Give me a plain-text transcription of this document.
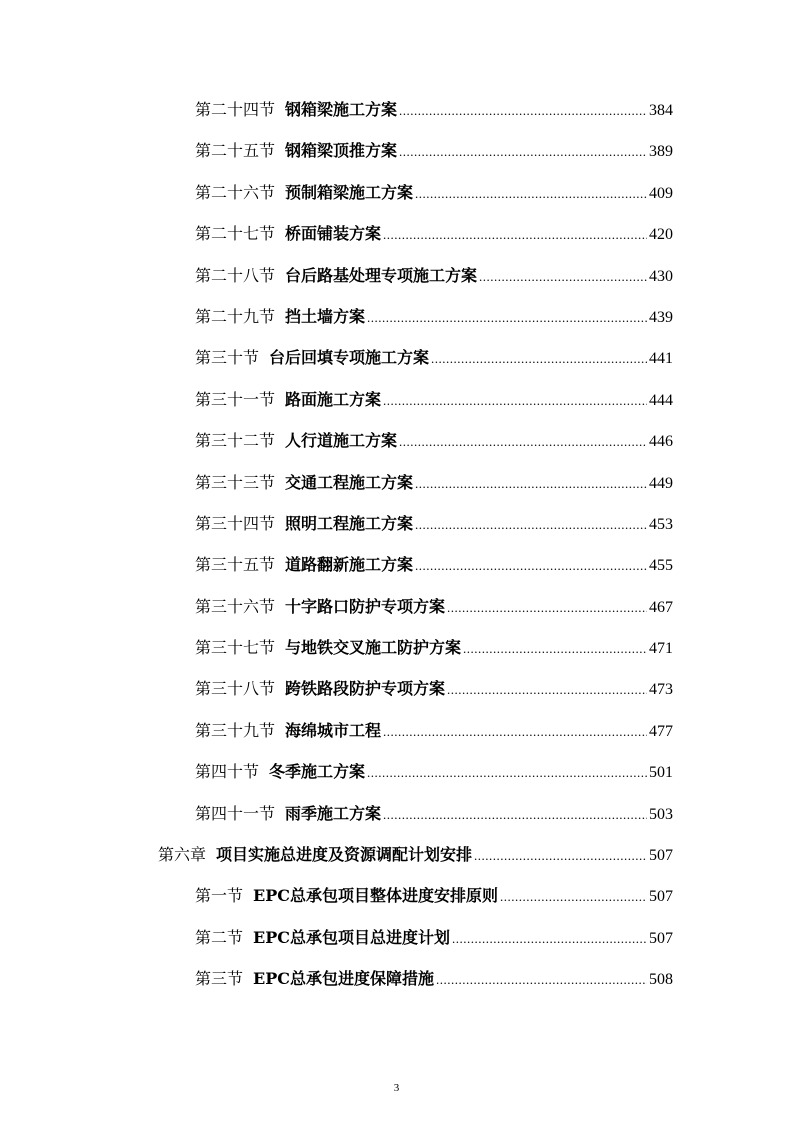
第二十四节 钢箱梁施工方案 .....	384
第二十五节 钢箱梁顶推方案 .....	389
第二十六节 预制箱梁施工方案 .....	409
第二十七节 桥面铺装方案 .....	420
第二十八节 台后路基处理专项施工方案 .....	430
第二十九节 挡土墙方案 .....	439
第三十节 台后回填专项施工方案 .....	441
第三十一节 路面施工方案 .....	444
第三十二节 人行道施工方案 .....	446
第三十三节 交通工程施工方案 .....	449
第三十四节 照明工程施工方案 .....	453
第三十五节 道路翻新施工方案 .....	455
第三十六节 十字路口防护专项方案 .....	467
第三十七节 与地铁交叉施工防护方案 .....	471
第三十八节 跨铁路段防护专项方案 .....	473
第三十九节 海绵城市工程 .....	477
第四十节 冬季施工方案 .....	501
第四十一节 雨季施工方案 .....	503
第六章 项目实施总进度及资源调配计划安排 .....	507
第一节 EPC总承包项目整体进度安排原则 .....	507
第二节 EPC总承包项目总进度计划 .....	507
第三节 EPC总承包进度保障措施 .....	508
3
